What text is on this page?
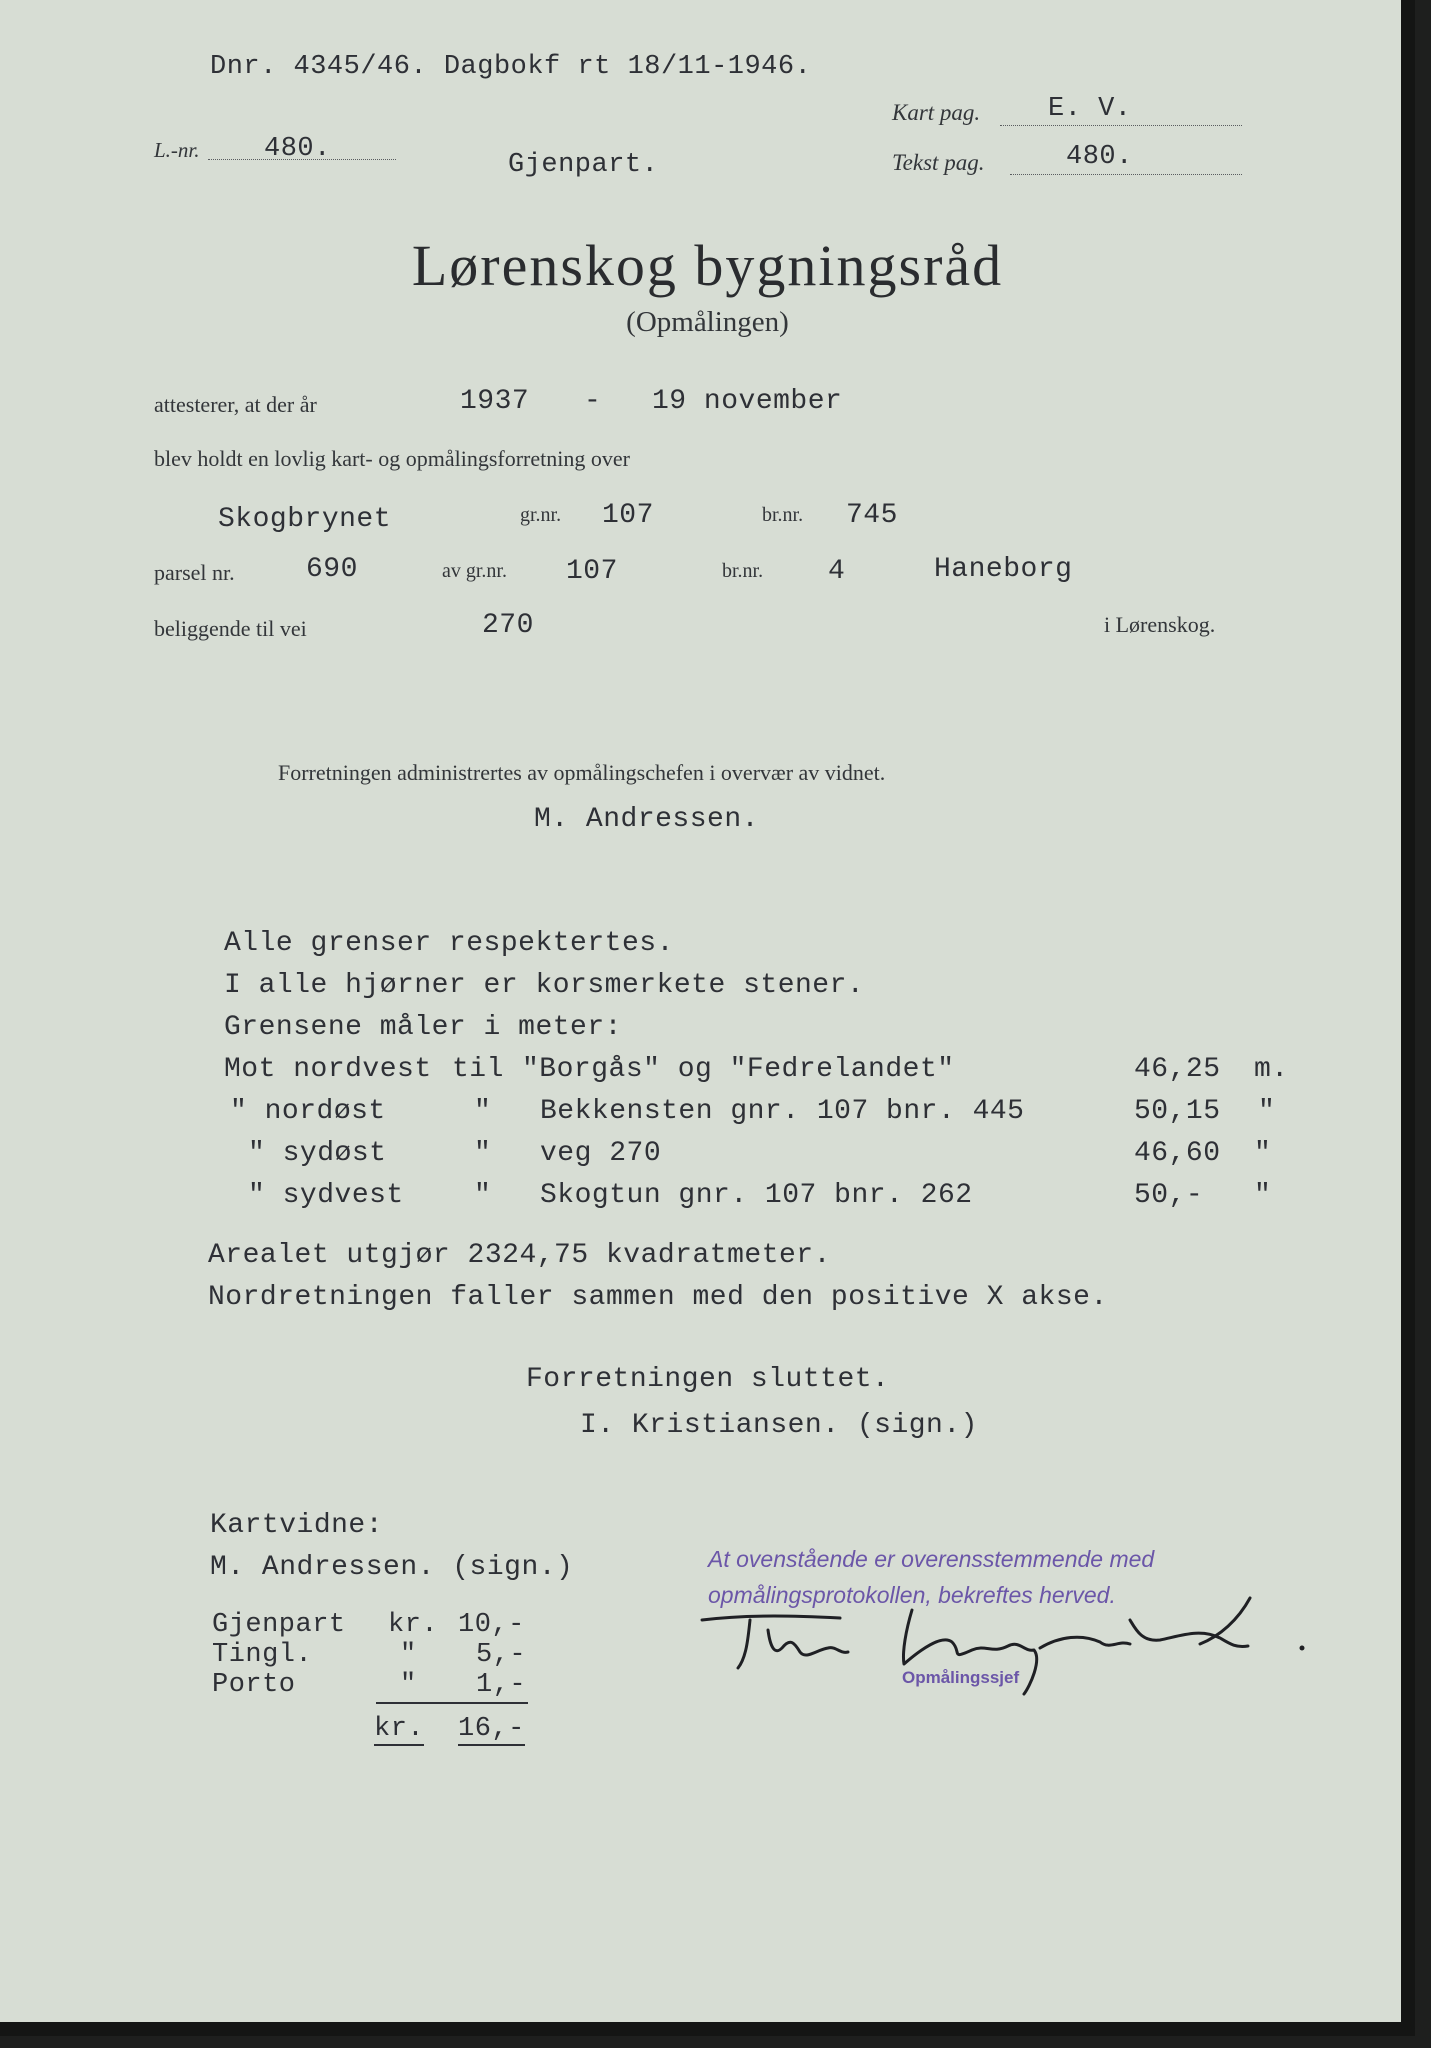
Dnr. 4345/46. Dagbokf rt 18/11-1946.
Kart pag.	E. V.
L.-nr. 480.
Gjenpart.	Tekst pag.	480.
Lørenskog bygningsråd
(Opmålingen)
attesterer, at der år	1937 - 19 november
blev holdt en lovlig kart- og opmålingsforretning over
Skogbrynet	gr.nr. 107	br.nr. 745
parsel nr.	690	av gr.nr. 107	br.nr. 4	Haneborg
beliggende til vei	270	i Lørenskog.
Forretningen administrertes av opmålingschefen i overvær av vidnet.
M. Andressen.
Alle grenser respektertes.
I alle hjørner er korsmerkete stener.
Grensene måler i meter:
Mot nordvest til "Borgås" og "Fedrelandet"	46,25 m.
" nordøst	" Bekkensten gnr. 107 bnr. 445	50,15 "
" sydøst	" veg 270	46,60 "
" sydvest	" Skogtun gnr. 107 bnr. 262	50,- "
Arealet utgjør 2324,75 kvadratmeter.
Nordretningen faller sammen med den positive X akse.
Forretningen sluttet.
I. Kristiansen. (sign.)
Kartvidne:
M. Andressen. (sign.)
Gjenpart kr. 10,-
Tingl.	" 5,-
Porto	" 1,-
kr. 16,-
At ovenstående er overensstemmende med
opmålingsprotokollen, bekreftes herved.
Opmålingssjef
